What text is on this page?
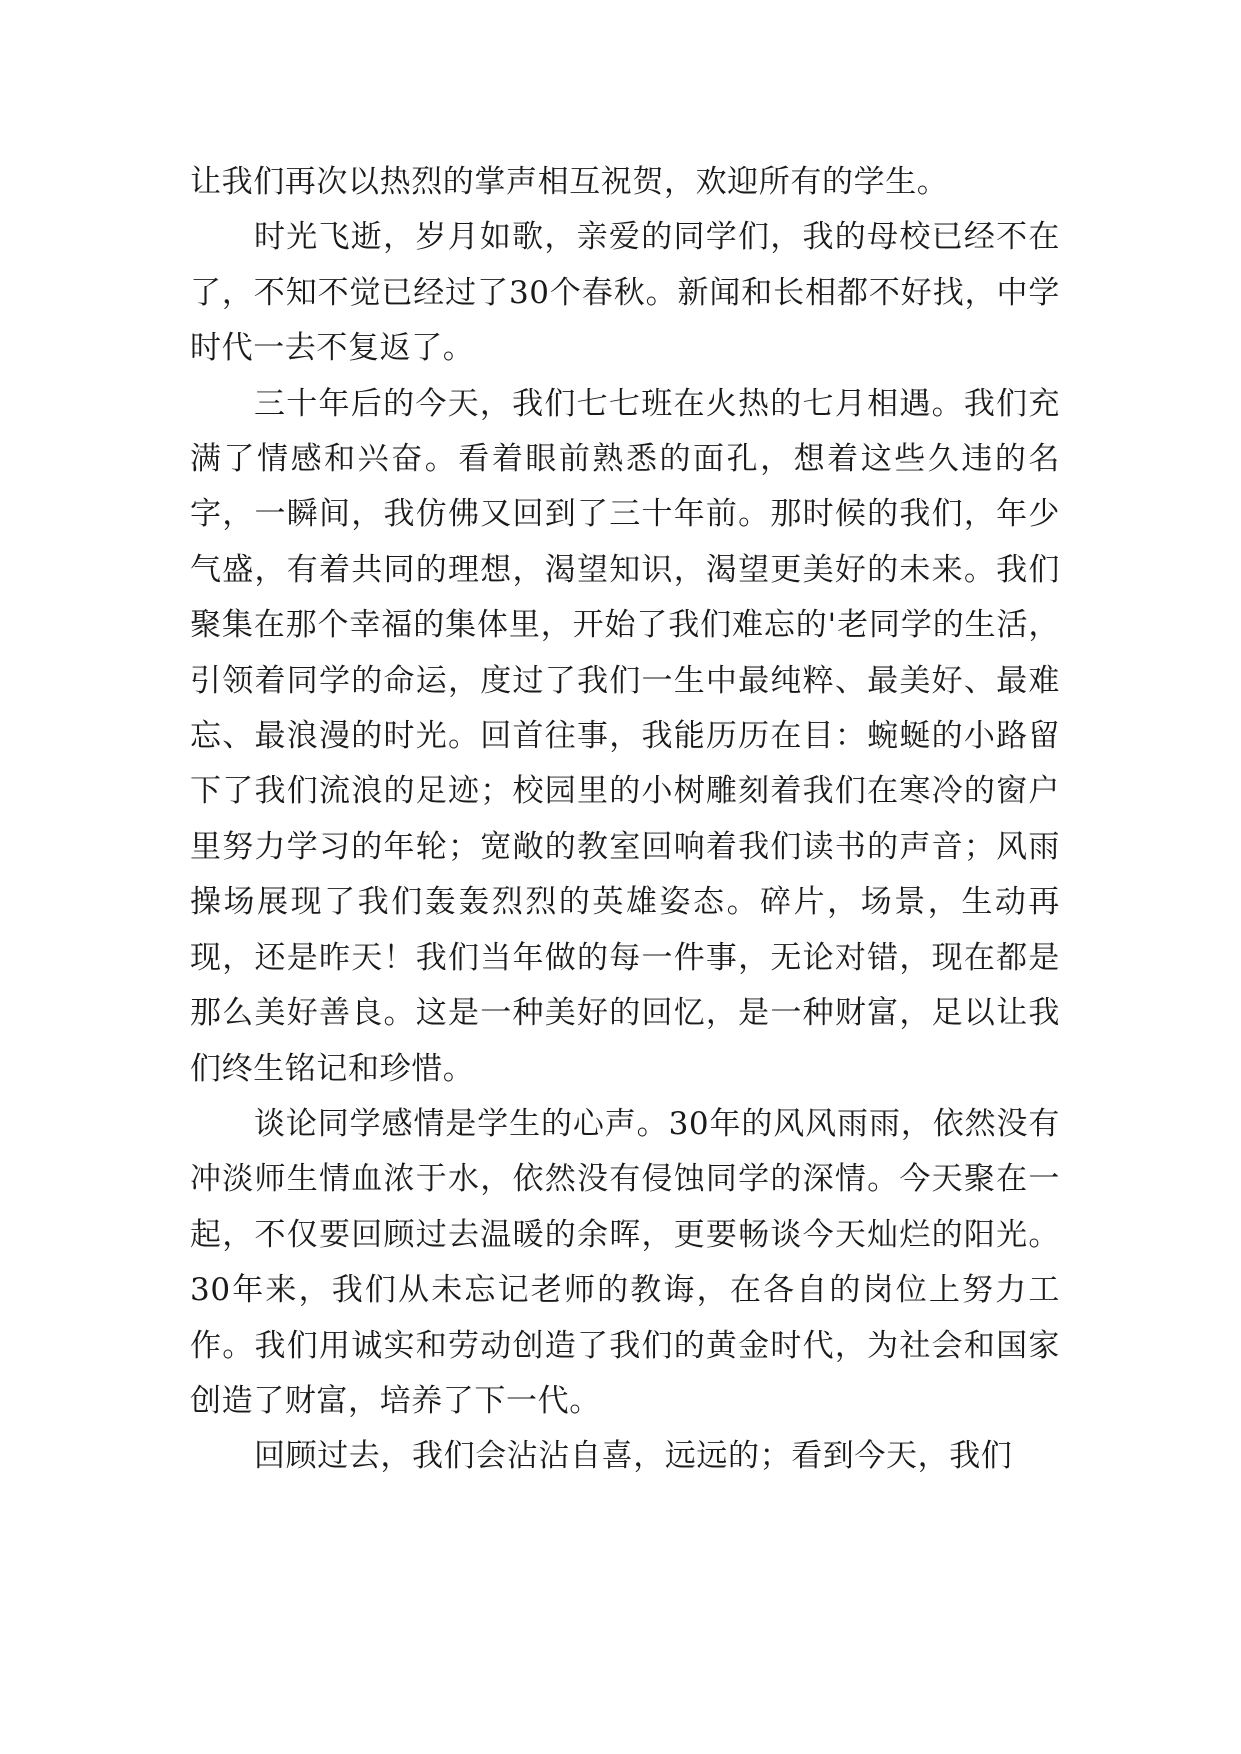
让我们再次以热烈的掌声相互祝贺，欢迎所有的学生。

时光飞逝，岁月如歌，亲爱的同学们，我的母校已经不在了，不知不觉已经过了30个春秋。新闻和长相都不好找，中学时代一去不复返了。

三十年后的今天，我们七七班在火热的七月相遇。我们充满了情感和兴奋。看着眼前熟悉的面孔，想着这些久违的名字，一瞬间，我仿佛又回到了三十年前。那时候的我们，年少气盛，有着共同的理想，渴望知识，渴望更美好的未来。我们聚集在那个幸福的集体里，开始了我们难忘的'老同学的生活，引领着同学的命运，度过了我们一生中最纯粹、最美好、最难忘、最浪漫的时光。回首往事，我能历历在目：蜿蜒的小路留下了我们流浪的足迹；校园里的小树雕刻着我们在寒冷的窗户里努力学习的年轮；宽敞的教室回响着我们读书的声音；风雨操场展现了我们轰轰烈烈的英雄姿态。碎片，场景，生动再现，还是昨天！我们当年做的每一件事，无论对错，现在都是那么美好善良。这是一种美好的回忆，是一种财富，足以让我们终生铭记和珍惜。

谈论同学感情是学生的心声。30年的风风雨雨，依然没有冲淡师生情血浓于水，依然没有侵蚀同学的深情。今天聚在一起，不仅要回顾过去温暖的余晖，更要畅谈今天灿烂的阳光。30年来，我们从未忘记老师的教诲，在各自的岗位上努力工作。我们用诚实和劳动创造了我们的黄金时代，为社会和国家创造了财富，培养了下一代。

回顾过去，我们会沾沾自喜，远远的；看到今天，我们
